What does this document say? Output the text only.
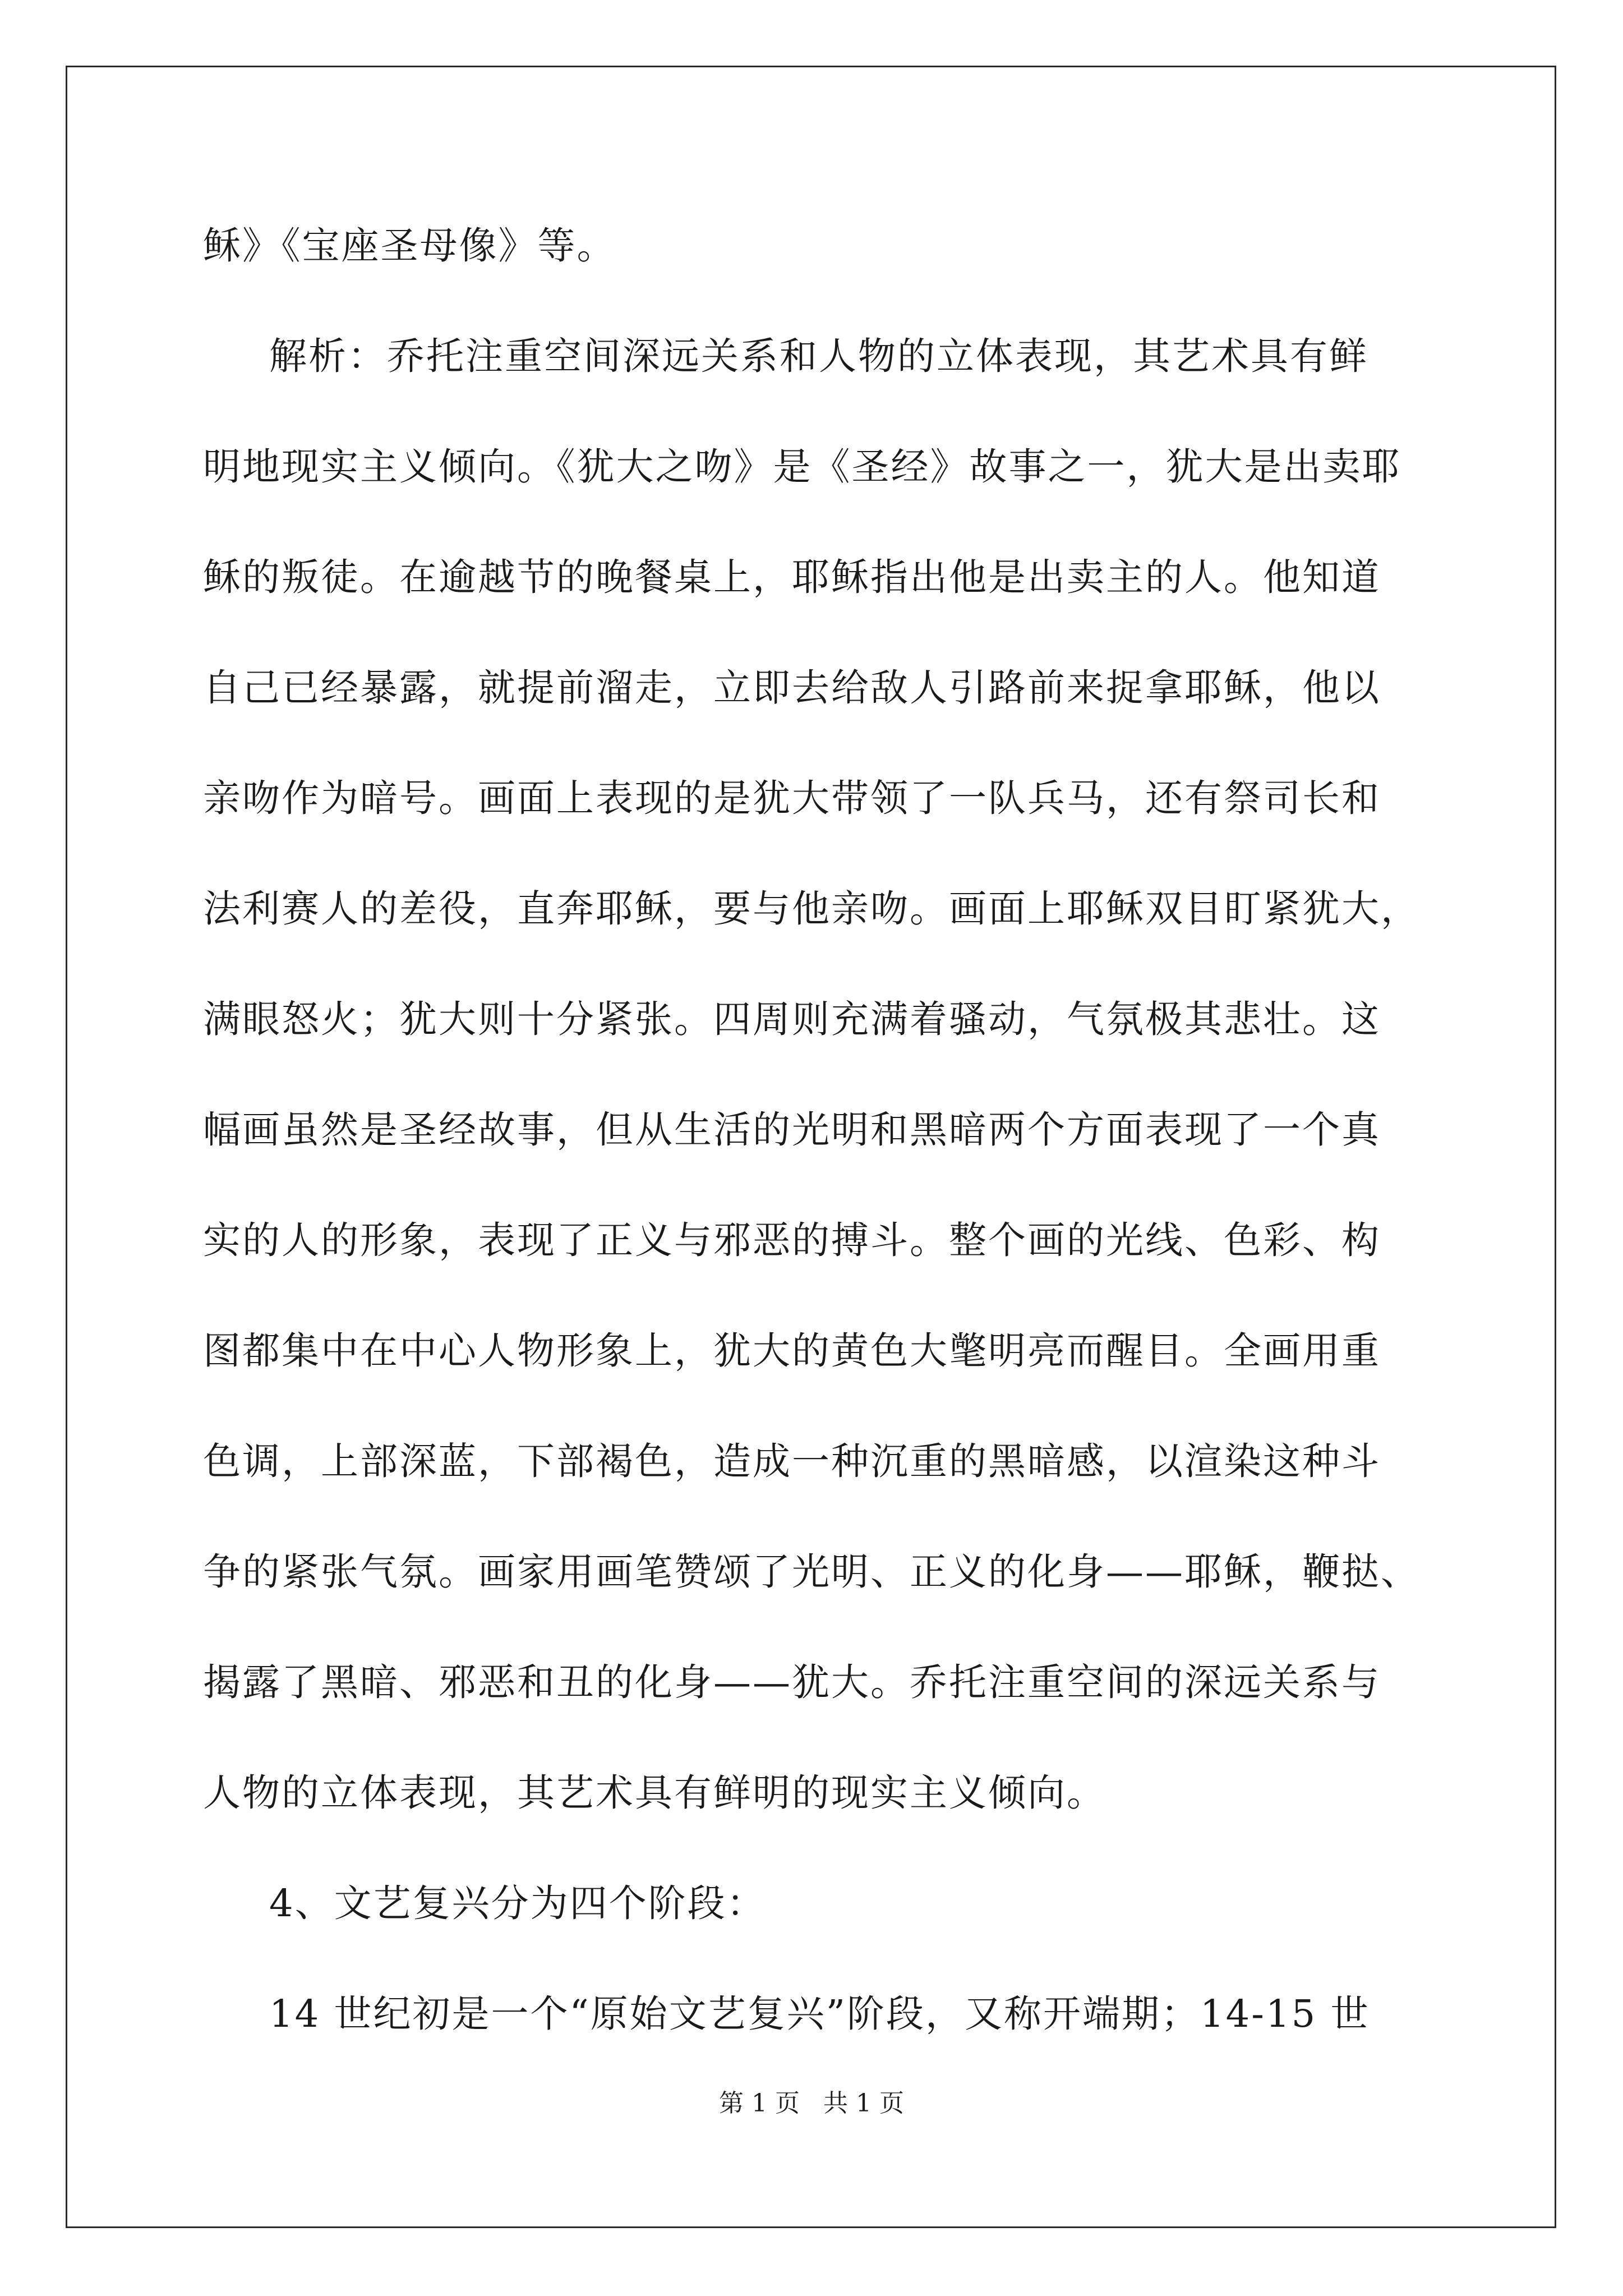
稣》《宝座圣母像》等。
解析：乔托注重空间深远关系和人物的立体表现，其艺术具有鲜
明地现实主义倾向。《犹大之吻》是《圣经》故事之一，犹大是出卖耶
稣的叛徒。在逾越节的晚餐桌上，耶稣指出他是出卖主的人。他知道
自己已经暴露，就提前溜走，立即去给敌人引路前来捉拿耶稣，他以
亲吻作为暗号。画面上表现的是犹大带领了一队兵马，还有祭司长和
法利赛人的差役，直奔耶稣，要与他亲吻。画面上耶稣双目盯紧犹大，
满眼怒火；犹大则十分紧张。四周则充满着骚动，气氛极其悲壮。这
幅画虽然是圣经故事，但从生活的光明和黑暗两个方面表现了一个真
实的人的形象，表现了正义与邪恶的搏斗。整个画的光线、色彩、构
图都集中在中心人物形象上，犹大的黄色大氅明亮而醒目。全画用重
色调，上部深蓝，下部褐色，造成一种沉重的黑暗感，以渲染这种斗
争的紧张气氛。画家用画笔赞颂了光明、正义的化身——耶稣，鞭挞、
揭露了黑暗、邪恶和丑的化身——犹大。乔托注重空间的深远关系与
人物的立体表现，其艺术具有鲜明的现实主义倾向。
4、文艺复兴分为四个阶段：
14 世纪初是一个“原始文艺复兴”阶段，又称开端期；14-15 世
第 1 页   共 1 页
